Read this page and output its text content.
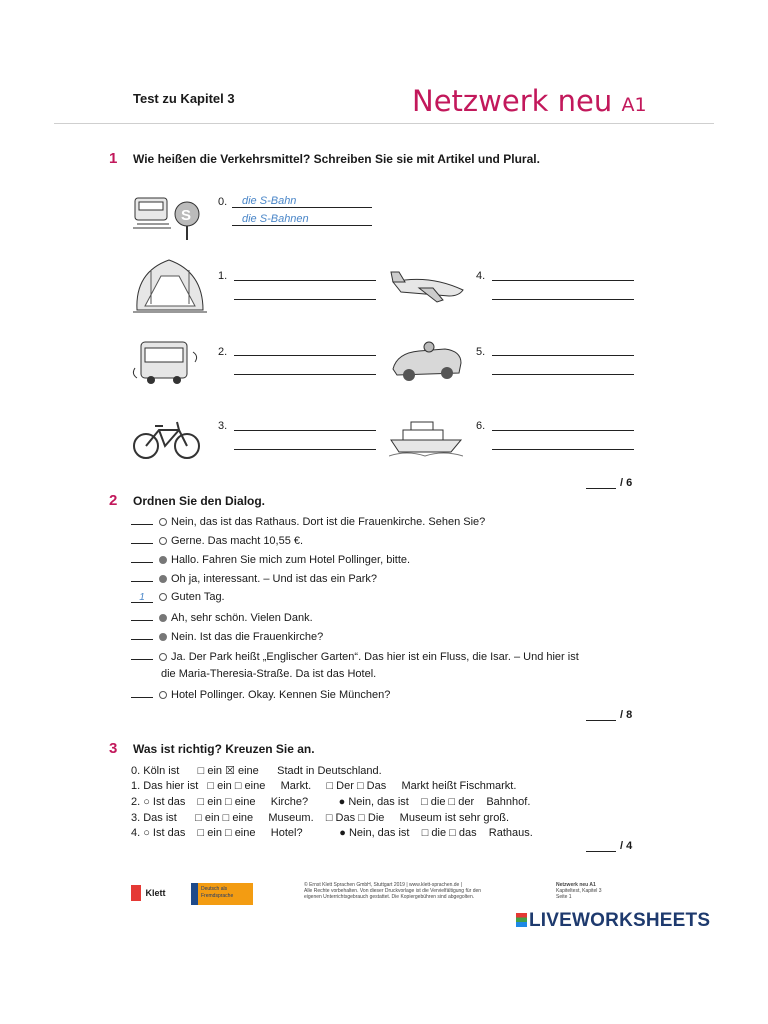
Test zu Kapitel 3	Netzwerk neu A1
1 Wie heißen die Verkehrsmittel? Schreiben Sie sie mit Artikel und Plural.
S
0. die S-Bahn
die S-Bahnen
1.	4.
2.	5.
3.	6.
/ 6
2 Ordnen Sie den Dialog.
Nein, das ist das Rathaus. Dort ist die Frauenkirche. Sehen Sie?
Gerne. Das macht 10,55 €.
Hallo. Fahren Sie mich zum Hotel Pollinger, bitte.
Oh ja, interessant. – Und ist das ein Park?
1 Guten Tag.
Ah, sehr schön. Vielen Dank.
Nein. Ist das die Frauenkirche?
Ja. Der Park heißt „Englischer Garten“. Das hier ist ein Fluss, die Isar. – Und hier ist
die Maria-Theresia-Straße. Da ist das Hotel.
Hotel Pollinger. Okay. Kennen Sie München?
/ 8
3 Was ist richtig? Kreuzen Sie an.
0. Köln ist      □ ein ☒ eine      Stadt in Deutschland.
1. Das hier ist   □ ein □ eine     Markt.     □ Der □ Das     Markt heißt Fischmarkt.
2. ○ Ist das    □ ein □ eine     Kirche?          ● Nein, das ist    □ die □ der    Bahnhof.
3. Das ist      □ ein □ eine     Museum.    □ Das □ Die     Museum ist sehr groß.
4. ○ Ist das    □ ein □ eine     Hotel?            ● Nein, das ist    □ die □ das    Rathaus.
/ 4
Klett	Deutsch als
Fremdsprache
© Ernst Klett Sprachen GmbH, Stuttgart 2019 | www.klett-sprachen.de |
Alle Rechte vorbehalten. Von dieser Druckvorlage ist die Vervielfältigung für den
eigenen Unterrichtsgebrauch gestattet. Die Kopiergebühren sind abgegolten.
Netzwerk neu A1
Kapiteltest, Kapitel 3
Seite 1
LIVEWORKSHEETS
